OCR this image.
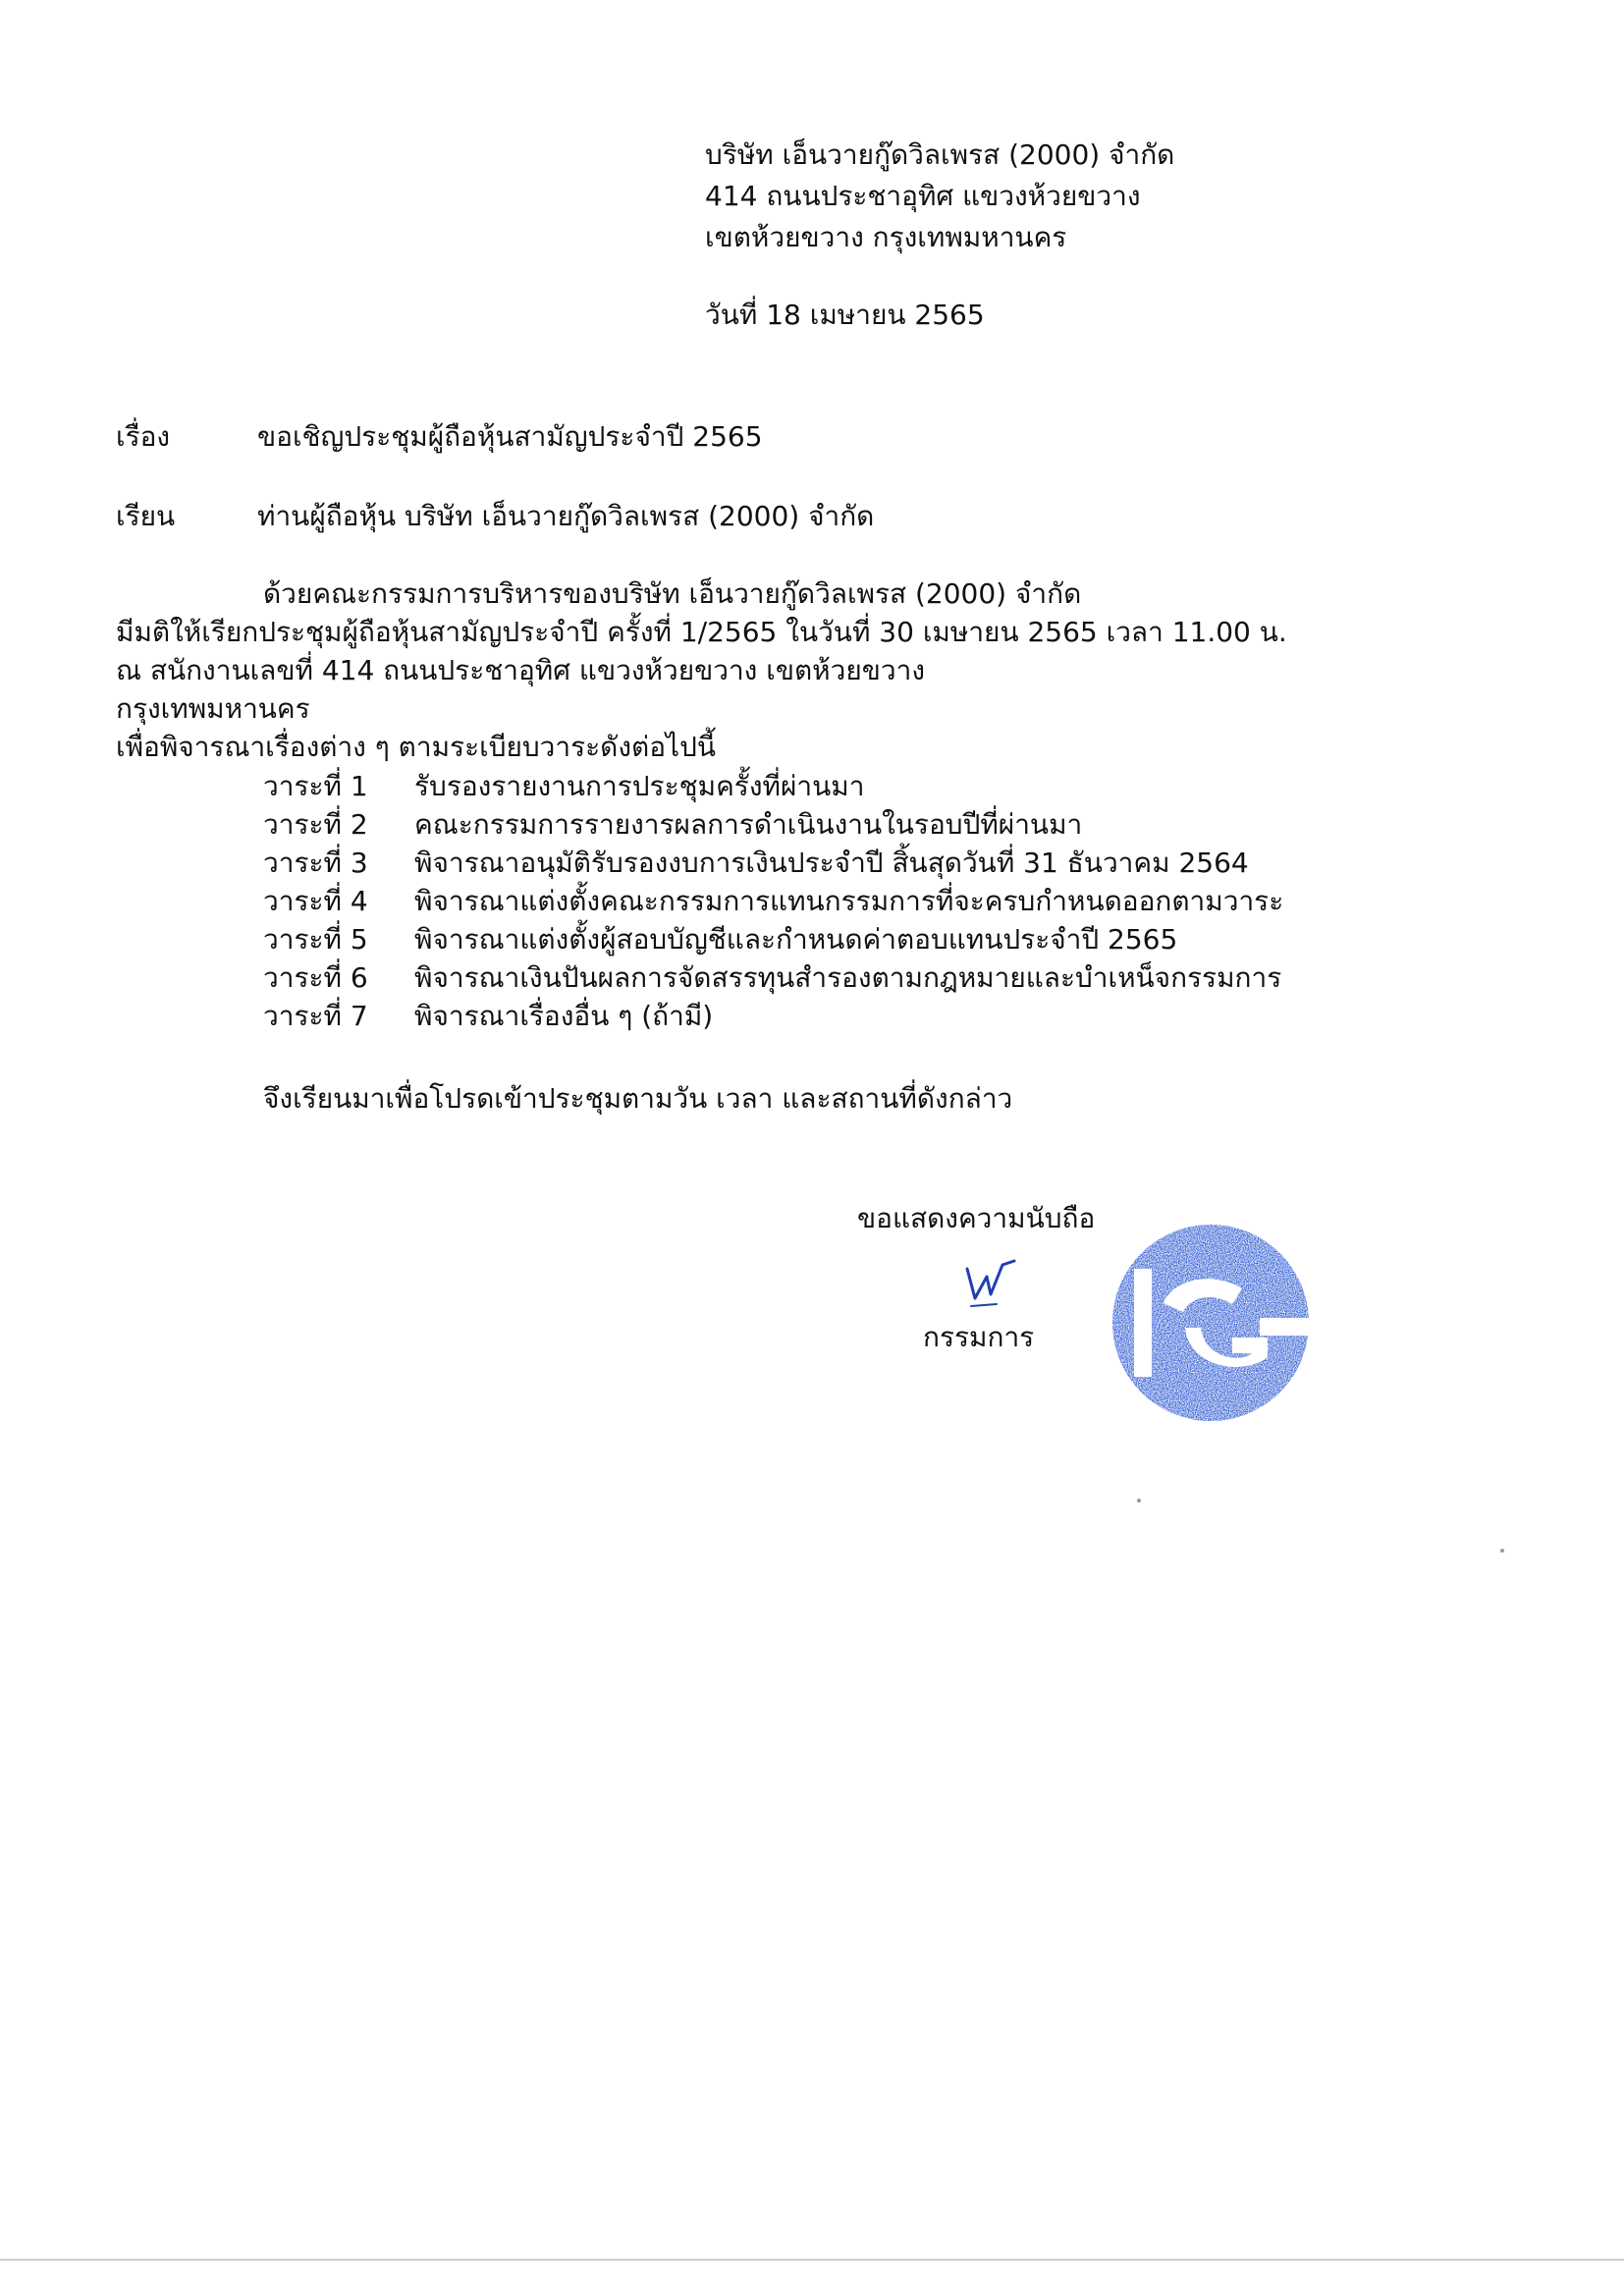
บริษัท เอ็นวายกู๊ดวิลเพรส (2000) จำกัด
414 ถนนประชาอุทิศ แขวงห้วยขวาง
เขตห้วยขวาง กรุงเทพมหานคร
วันที่ 18 เมษายน 2565
เรื่อง	ขอเชิญประชุมผู้ถือหุ้นสามัญประจำปี 2565
เรียน	ท่านผู้ถือหุ้น บริษัท เอ็นวายกู๊ดวิลเพรส (2000) จำกัด
ด้วยคณะกรรมการบริหารของบริษัท เอ็นวายกู๊ดวิลเพรส (2000) จำกัด
มีมติให้เรียกประชุมผู้ถือหุ้นสามัญประจำปี ครั้งที่ 1/2565 ในวันที่ 30 เมษายน 2565 เวลา 11.00 น.
ณ สนักงานเลขที่ 414 ถนนประชาอุทิศ แขวงห้วยขวาง เขตห้วยขวาง
กรุงเทพมหานคร
เพื่อพิจารณาเรื่องต่าง ๆ ตามระเบียบวาระดังต่อไปนี้
วาระที่ 1 รับรองรายงานการประชุมครั้งที่ผ่านมา
วาระที่ 2 คณะกรรมการรายงารผลการดำเนินงานในรอบปีที่ผ่านมา
วาระที่ 3 พิจารณาอนุมัติรับรองงบการเงินประจำปี สิ้นสุดวันที่ 31 ธันวาคม 2564
วาระที่ 4 พิจารณาแต่งตั้งคณะกรรมการแทนกรรมการที่จะครบกำหนดออกตามวาระ
วาระที่ 5 พิจารณาแต่งตั้งผู้สอบบัญชีและกำหนดค่าตอบแทนประจำปี 2565
วาระที่ 6 พิจารณาเงินปันผลการจัดสรรทุนสำรองตามกฎหมายและบำเหน็จกรรมการ
วาระที่ 7 พิจารณาเรื่องอื่น ๆ (ถ้ามี)
จึงเรียนมาเพื่อโปรดเข้าประชุมตามวัน เวลา และสถานที่ดังกล่าว
ขอแสดงความนับถือ
กรรมการ
